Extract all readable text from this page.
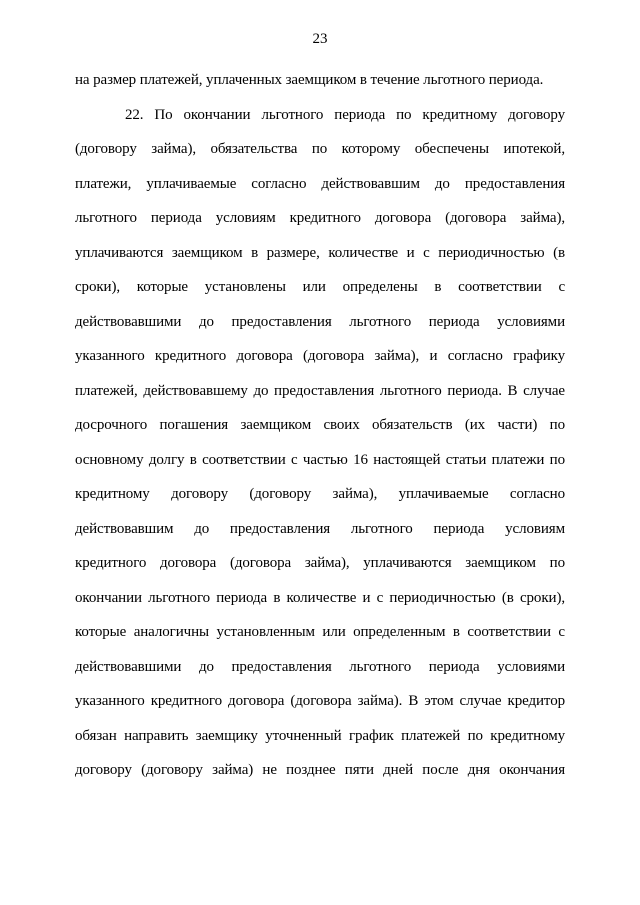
23
на размер платежей, уплаченных заемщиком в течение льготного периода.
22. По окончании льготного периода по кредитному договору
(договору займа), обязательства по которому обеспечены ипотекой,
платежи, уплачиваемые согласно действовавшим до предоставления
льготного периода условиям кредитного договора (договора займа),
уплачиваются заемщиком в размере, количестве и с периодичностью (в
сроки), которые установлены или определены в соответствии с
действовавшими до предоставления льготного периода условиями
указанного кредитного договора (договора займа), и согласно графику
платежей, действовавшему до предоставления льготного периода. В случае
досрочного погашения заемщиком своих обязательств (их части) по
основному долгу в соответствии с частью 16 настоящей статьи платежи по
кредитному договору (договору займа), уплачиваемые согласно
действовавшим до предоставления льготного периода условиям
кредитного договора (договора займа), уплачиваются заемщиком по
окончании льготного периода в количестве и с периодичностью (в сроки),
которые аналогичны установленным или определенным в соответствии с
действовавшими до предоставления льготного периода условиями
указанного кредитного договора (договора займа). В этом случае кредитор
обязан направить заемщику уточненный график платежей по кредитному
договору (договору займа) не позднее пяти дней после дня окончания
